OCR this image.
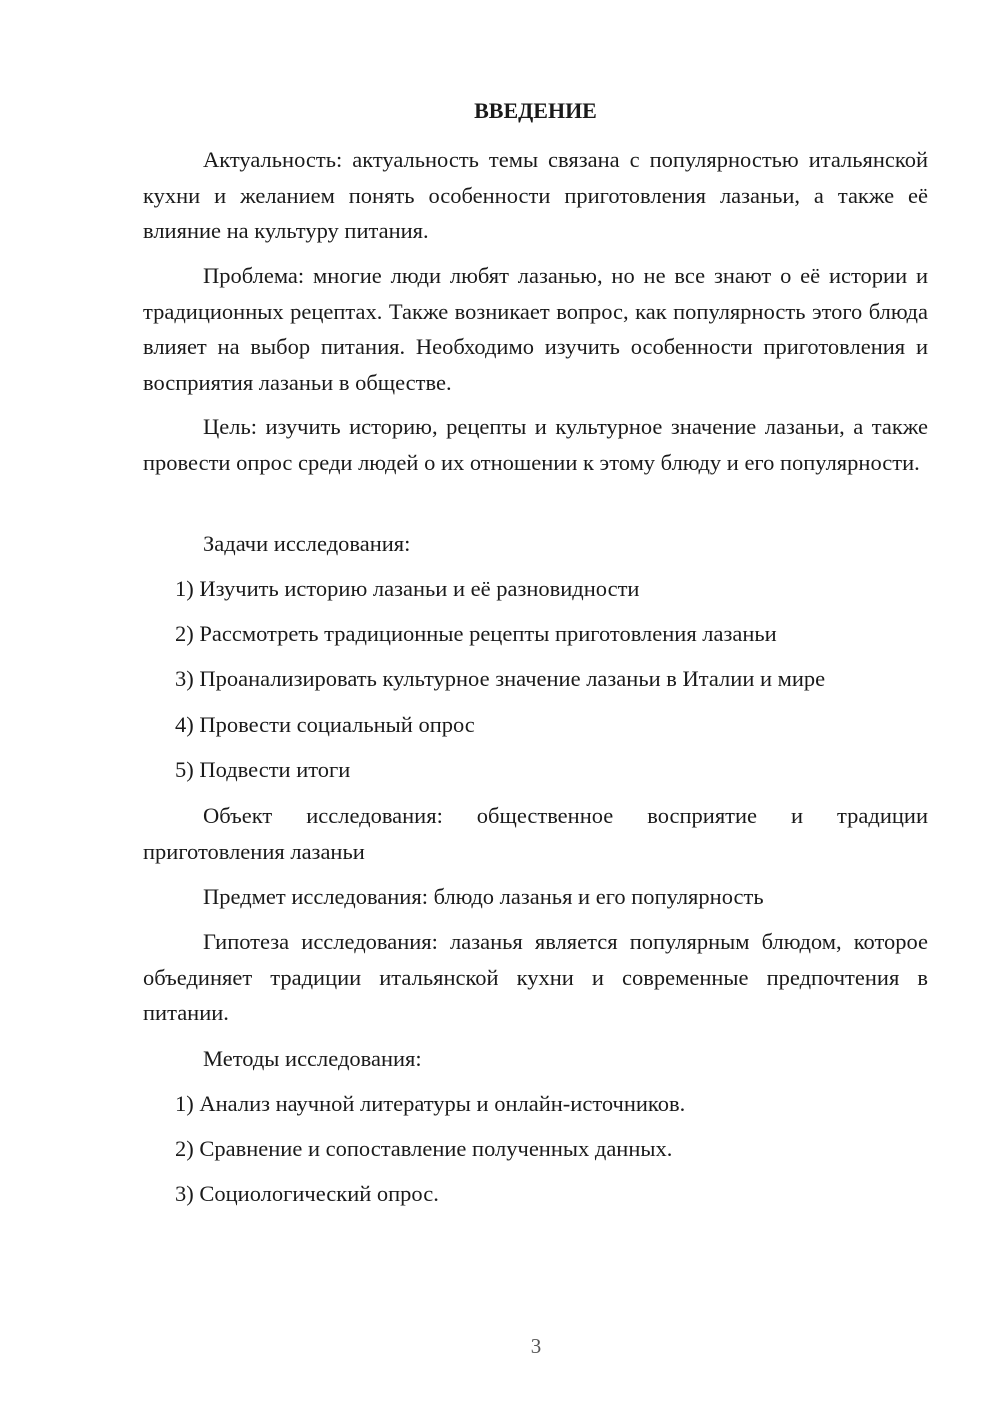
ВВЕДЕНИЕ

Актуальность: актуальность темы связана с популярностью итальянской кухни и желанием понять особенности приготовления лазаньи, а также её влияние на культуру питания.

Проблема: многие люди любят лазанью, но не все знают о её истории и традиционных рецептах. Также возникает вопрос, как популярность этого блюда влияет на выбор питания. Необходимо изучить особенности приготовления и восприятия лазаньи в обществе.

Цель: изучить историю, рецепты и культурное значение лазаньи, а также провести опрос среди людей о их отношении к этому блюду и его популярности.

Задачи исследования:

1) Изучить историю лазаньи и её разновидности

2) Рассмотреть традиционные рецепты приготовления лазаньи

3) Проанализировать культурное значение лазаньи в Италии и мире

4) Провести социальный опрос

5) Подвести итоги

Объект исследования: общественное восприятие и традиции приготовления лазаньи

Предмет исследования: блюдо лазанья и его популярность

Гипотеза исследования: лазанья является популярным блюдом, которое объединяет традиции итальянской кухни и современные предпочтения в питании.

Методы исследования:

1) Анализ научной литературы и онлайн-источников.

2) Сравнение и сопоставление полученных данных.

3) Социологический опрос.

3
